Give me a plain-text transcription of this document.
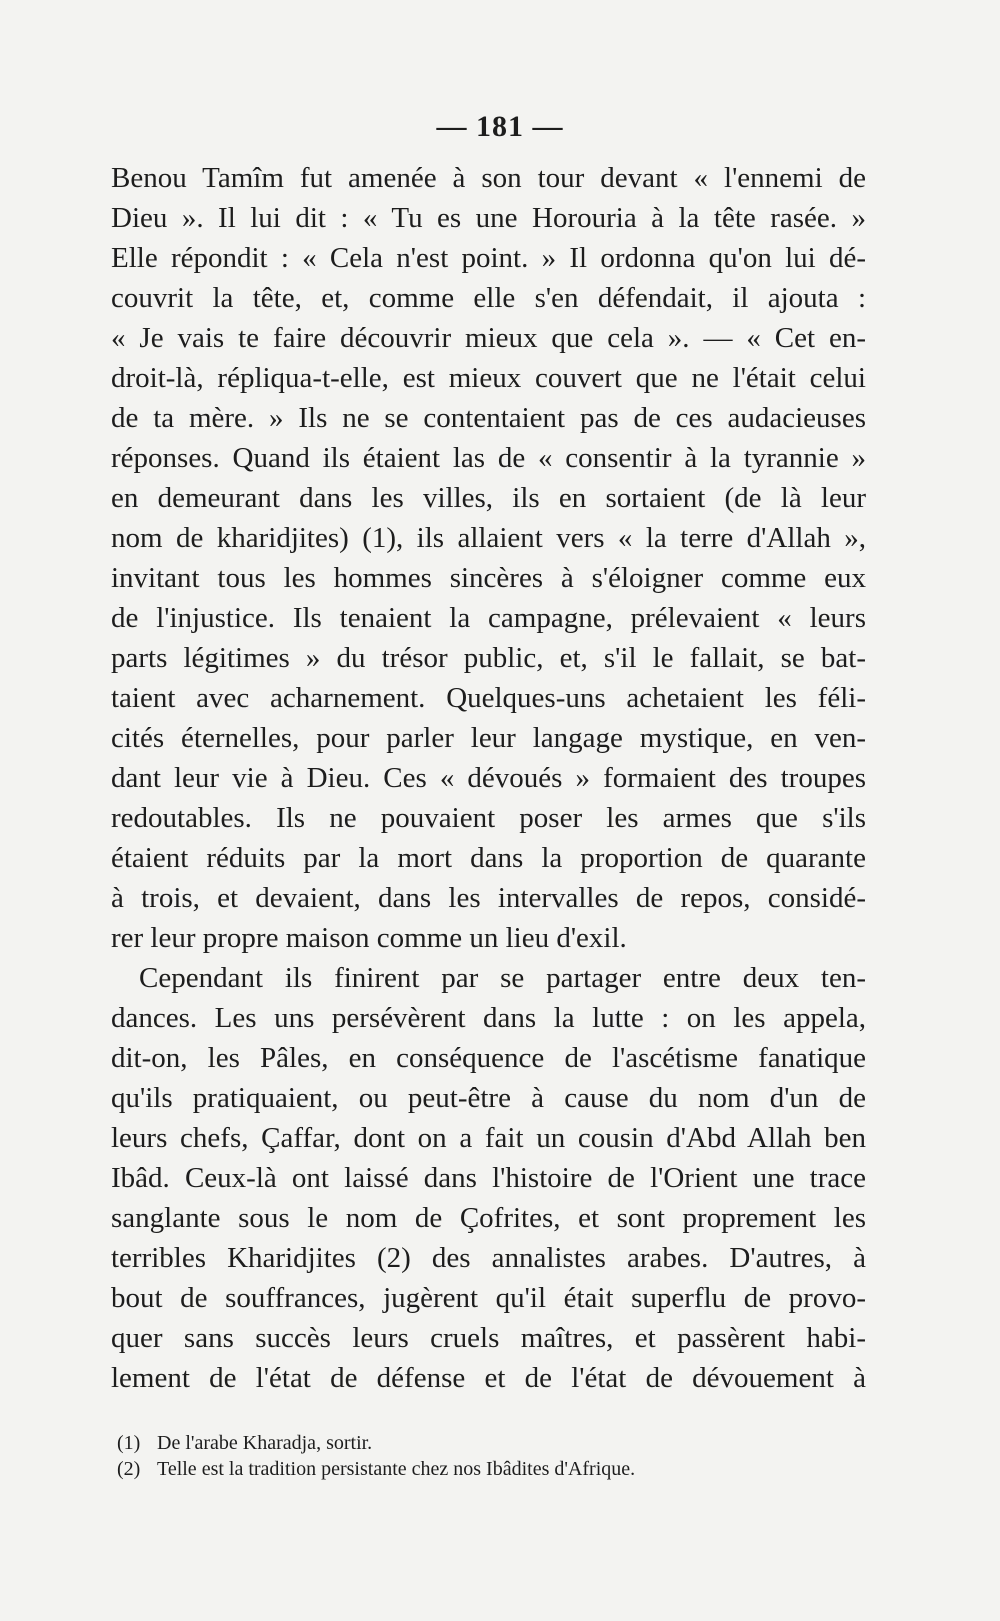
— 181 —
Benou Tamîm fut amenée à son tour devant « l'ennemi de
Dieu ». Il lui dit : « Tu es une Horouria à la tête rasée. »
Elle répondit : « Cela n'est point. » Il ordonna qu'on lui dé-
couvrit la tête, et, comme elle s'en défendait, il ajouta :
« Je vais te faire découvrir mieux que cela ». — « Cet en-
droit-là, répliqua-t-elle, est mieux couvert que ne l'était celui
de ta mère. » Ils ne se contentaient pas de ces audacieuses
réponses. Quand ils étaient las de « consentir à la tyrannie »
en demeurant dans les villes, ils en sortaient (de là leur
nom de kharidjites) (1), ils allaient vers « la terre d'Allah »,
invitant tous les hommes sincères à s'éloigner comme eux
de l'injustice. Ils tenaient la campagne, prélevaient « leurs
parts légitimes » du trésor public, et, s'il le fallait, se bat-
taient avec acharnement. Quelques-uns achetaient les féli-
cités éternelles, pour parler leur langage mystique, en ven-
dant leur vie à Dieu. Ces « dévoués » formaient des troupes
redoutables. Ils ne pouvaient poser les armes que s'ils
étaient réduits par la mort dans la proportion de quarante
à trois, et devaient, dans les intervalles de repos, considé-
rer leur propre maison comme un lieu d'exil.
Cependant ils finirent par se partager entre deux ten-
dances. Les uns persévèrent dans la lutte : on les appela,
dit-on, les Pâles, en conséquence de l'ascétisme fanatique
qu'ils pratiquaient, ou peut-être à cause du nom d'un de
leurs chefs, Çaffar, dont on a fait un cousin d'Abd Allah ben
Ibâd. Ceux-là ont laissé dans l'histoire de l'Orient une trace
sanglante sous le nom de Çofrites, et sont proprement les
terribles Kharidjites (2) des annalistes arabes. D'autres, à
bout de souffrances, jugèrent qu'il était superflu de provo-
quer sans succès leurs cruels maîtres, et passèrent habi-
lement de l'état de défense et de l'état de dévouement à
(1) De l'arabe Kharadja, sortir.
(2) Telle est la tradition persistante chez nos Ibâdites d'Afrique.
